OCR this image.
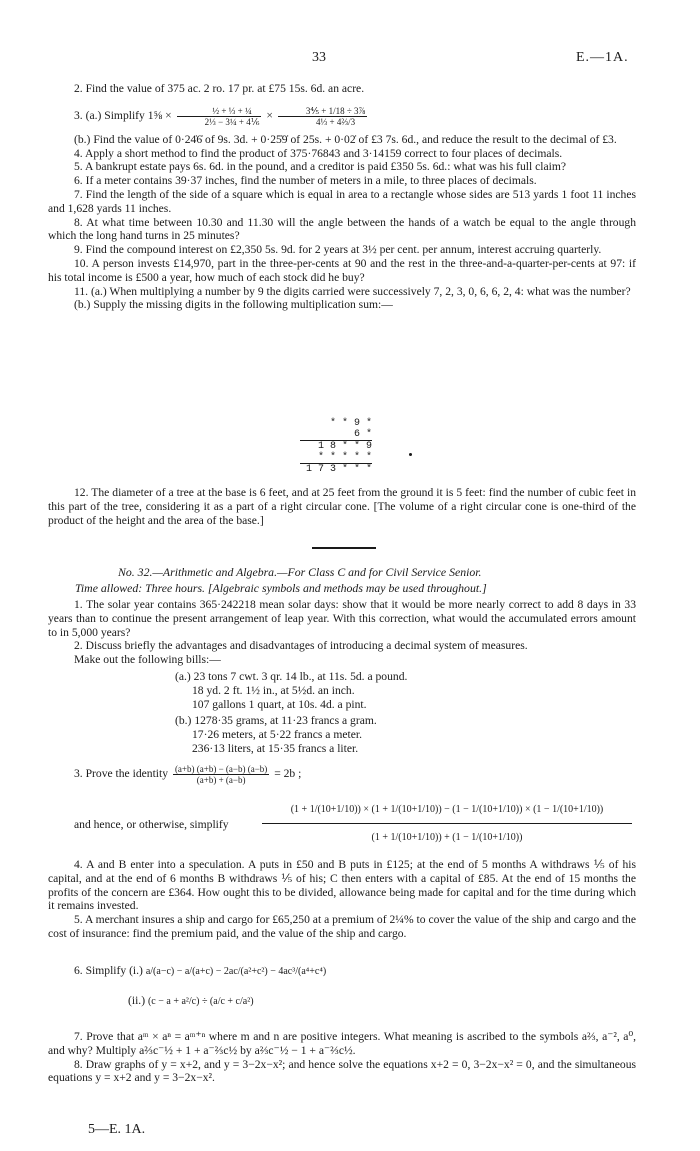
33	E.—1A.

2. Find the value of 375 ac. 2 ro. 17 pr. at £75 15s. 6d. an acre.

3. (a.) Simplify 1⅝ ×	½ + ⅓ + ¼
2⅓ − 3¼ + 4⅙ × $\frac{\text{3⅘ + 1/18 ÷ 3⅞}}{\text{4⅓ + 4⅔/3}}$

(b.) Find the value of 0·24̇6̇ of 9s. 3d. + 0·25̇9̇ of 25s. + 0·02̇ of £3 7s. 6d., and reduce the result to the decimal of £3.

4. Apply a short method to find the product of 375·76843 and 3·14159 correct to four places of decimals.

5. A bankrupt estate pays 6s. 6d. in the pound, and a creditor is paid £350 5s. 6d.: what was his full claim?

6. If a meter contains 39·37 inches, find the number of meters in a mile, to three places of decimals.

7. Find the length of the side of a square which is equal in area to a rectangle whose sides are 513 yards 1 foot 11 inches and 1,628 yards 11 inches.

8. At what time between 10.30 and 11.30 will the angle between the hands of a watch be equal to the angle through which the long hand turns in 25 minutes?

9. Find the compound interest on £2,350 5s. 9d. for 2 years at 3½ per cent. per annum, interest accruing quarterly.

10. A person invests £14,970, part in the three-per-cents at 90 and the rest in the three-and-a-quarter-per-cents at 97: if his total income is £500 a year, how much of each stock did he buy?

11. (a.) When multiplying a number by 9 the digits carried were successively 7, 2, 3, 0, 6, 6, 2, 4: what was the number?

(b.) Supply the missing digits in the following multiplication sum:—

* * 9 *
6 *
1 8 * * 9
* * * * *
1 7 3 * * *

12. The diameter of a tree at the base is 6 feet, and at 25 feet from the ground it is 5 feet: find the number of cubic feet in this part of the tree, considering it as a part of a right circular cone. [The volume of a right circular cone is one-third of the product of the height and the area of the base.]

No. 32.—Arithmetic and Algebra.—For Class C and for Civil Service Senior.
Time allowed: Three hours. [Algebraic symbols and methods may be used throughout.]

1. The solar year contains 365·242218 mean solar days: show that it would be more nearly correct to add 8 days in 33 years than to continue the present arrangement of leap year. With this correction, what would the accumulated errors amount to in 5,000 years?

2. Discuss briefly the advantages and disadvantages of introducing a decimal system of measures.

Make out the following bills:—

(a.) 23 tons 7 cwt. 3 qr. 14 lb., at 11s. 5d. a pound.
18 yd. 2 ft. 1½ in., at 5½d. an inch.
107 gallons 1 quart, at 10s. 4d. a pint.
(b.) 1278·35 grams, at 11·23 francs a gram.
17·26 meters, at 5·22 francs a meter.
236·13 liters, at 15·35 francs a liter.
3. Prove the identity $\frac{(a+b) (a+b) - (a-b) (a-b)}{(a+b) + (a-b)} = 2b$ ;
and hence, or otherwise, simplify
(1 + 1/(10+1/10)) × (1 + 1/(10+1/10)) − (1 − 1/(10+1/10)) × (1 − 1/(10+1/10))
(1 + 1/(10+1/10)) + (1 − 1/(10+1/10))

4. A and B enter into a speculation. A puts in £50 and B puts in £125; at the end of 5 months A withdraws ⅕ of his capital, and at the end of 6 months B withdraws ⅕ of his; C then enters with a capital of £85. At the end of 15 months the profits of the concern are £364. How ought this to be divided, allowance being made for capital and for the time during which it remains invested.

5. A merchant insures a ship and cargo for £65,250 at a premium of 2¼% to cover the value of the ship and cargo and the cost of insurance: find the premium paid, and the value of the ship and cargo.

6. Simplify (i.) a/(a−c) − a/(a+c) − 2ac/(a²+c²) − 4ac³/(a⁴+c⁴)
(ii.) (c − a + a²/c) ÷ (a/c + c/a²)

7. Prove that aᵐ × aⁿ = aᵐ⁺ⁿ where m and n are positive integers. What meaning is ascribed to the symbols a⅔, a⁻², a⁰, and why? Multiply a⅔c⁻½ + 1 + a⁻⅔c½ by a⅔c⁻½ − 1 + a⁻⅔c½.

8. Draw graphs of y = x+2, and y = 3−2x−x²; and hence solve the equations x+2 = 0, 3−2x−x² = 0, and the simultaneous equations y = x+2 and y = 3−2x−x².

5—E. 1A.
